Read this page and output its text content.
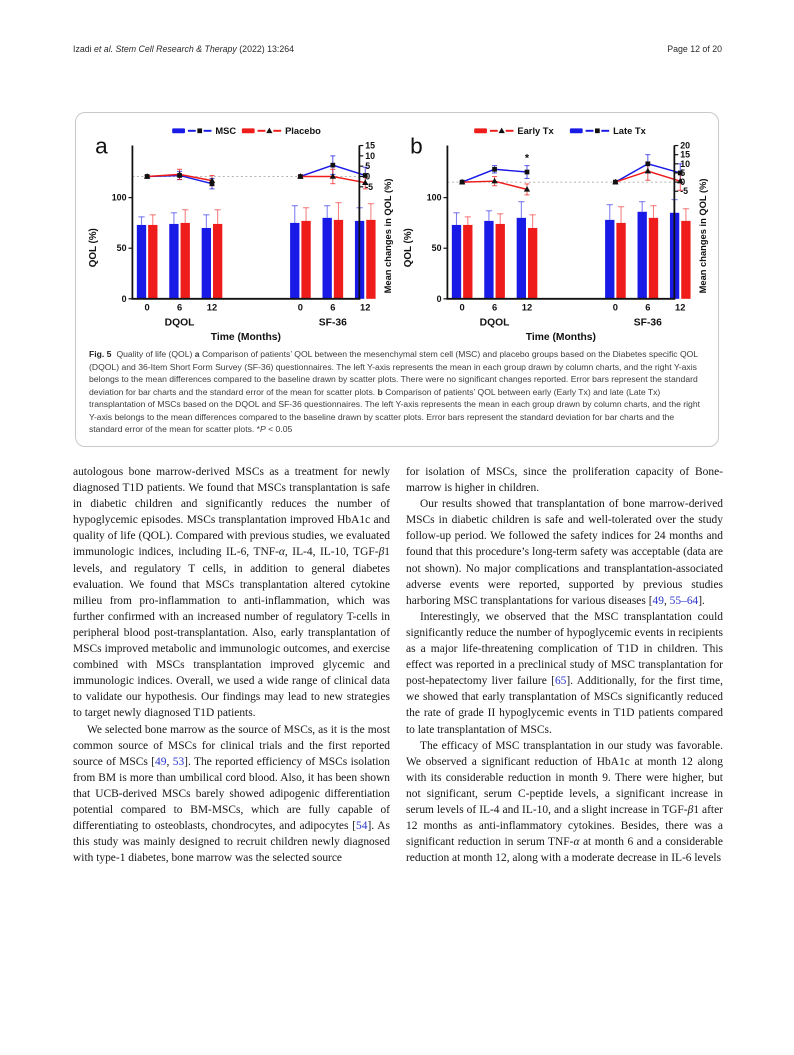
Izadi et al. Stem Cell Research & Therapy (2022) 13:264	Page 12 of 20
0
50
100
15
10
5
0
-5
QOL (%)	Mean changes in QOL (%)
0	6	12	0	6	12
DQOL	SF-36
Time (Months)
MSC	Placebo
a
0
50
100
20
15
10
5
0
-5
QOL (%)	Mean changes in QOL (%)
0	6	12	0	6	12
DQOL	SF-36
Time (Months)
Early Tx	Late Tx
b
*
Fig. 5 Quality of life (QOL) a Comparison of patients’ QOL between the mesenchymal stem cell (MSC) and placebo groups based on the Diabetes specific QOL (DQOL) and 36-Item Short Form Survey (SF-36) questionnaires. The left Y-axis represents the mean in each group drawn by column charts, and the right Y-axis belongs to the mean differences compared to the baseline drawn by scatter plots. There were no significant changes reported. Error bars represent the standard deviation for bar charts and the standard error of the mean for scatter plots. b Comparison of patients’ QOL between early (Early Tx) and late (Late Tx) transplantation of MSCs based on the DQOL and SF-36 questionnaires. The left Y-axis represents the mean in each group drawn by column charts, and the right Y-axis belongs to the mean differences compared to the baseline drawn by scatter plots. Error bars represent the standard deviation for bar charts and the standard error of the mean for scatter plots. *P < 0.05

autologous bone marrow-derived MSCs as a treatment for newly diagnosed T1D patients. We found that MSCs transplantation is safe in diabetic children and significantly reduces the number of hypoglycemic episodes. MSCs transplantation improved HbA1c and quality of life (QOL). Compared with previous studies, we evaluated immunologic indices, including IL-6, TNF-α, IL-4, IL-10, TGF-β1 levels, and regulatory T cells, in addition to general diabetes evaluation. We found that MSCs transplantation altered cytokine milieu from pro-inflammation to anti-inflammation, which was further confirmed with an increased number of regulatory T-cells in peripheral blood post-transplantation. Also, early transplantation of MSCs improved metabolic and immunologic outcomes, and exercise combined with MSCs transplantation improved glycemic and immunologic indices. Overall, we used a wide range of clinical data to validate our hypothesis. Our findings may lead to new strategies to target newly diagnosed T1D patients.

We selected bone marrow as the source of MSCs, as it is the most common source of MSCs for clinical trials and the first reported source of MSCs [49, 53]. The reported efficiency of MSCs isolation from BM is more than umbilical cord blood. Also, it has been shown that UCB-derived MSCs barely showed adipogenic differentiation potential compared to BM-MSCs, which are fully capable of differentiating to osteoblasts, chondrocytes, and adipocytes [54]. As this study was mainly designed to recruit children newly diagnosed with type-1 diabetes, bone marrow was the selected source

for isolation of MSCs, since the proliferation capacity of Bone-marrow is higher in children.

Our results showed that transplantation of bone marrow-derived MSCs in diabetic children is safe and well-tolerated over the study follow-up period. We followed the safety indices for 24 months and found that this procedure’s long-term safety was acceptable (data are not shown). No major complications and transplantation-associated adverse events were reported, supported by previous studies harboring MSC transplantations for various diseases [49, 55–64].

Interestingly, we observed that the MSC transplantation could significantly reduce the number of hypoglycemic events in recipients as a major life-threatening complication of T1D in children. This effect was reported in a preclinical study of MSC transplantation for post-hepatectomy liver failure [65]. Additionally, for the first time, we showed that early transplantation of MSCs significantly reduced the rate of grade II hypoglycemic events in T1D patients compared to late transplantation of MSCs.

The efficacy of MSC transplantation in our study was favorable. We observed a significant reduction of HbA1c at month 12 along with its considerable reduction in month 9. There were higher, but not significant, serum C-peptide levels, a significant increase in serum levels of IL-4 and IL-10, and a slight increase in TGF-β1 after 12 months as anti-inflammatory cytokines. Besides, there was a significant reduction in serum TNF-α at month 6 and a considerable reduction at month 12, along with a moderate decrease in IL-6 levels
